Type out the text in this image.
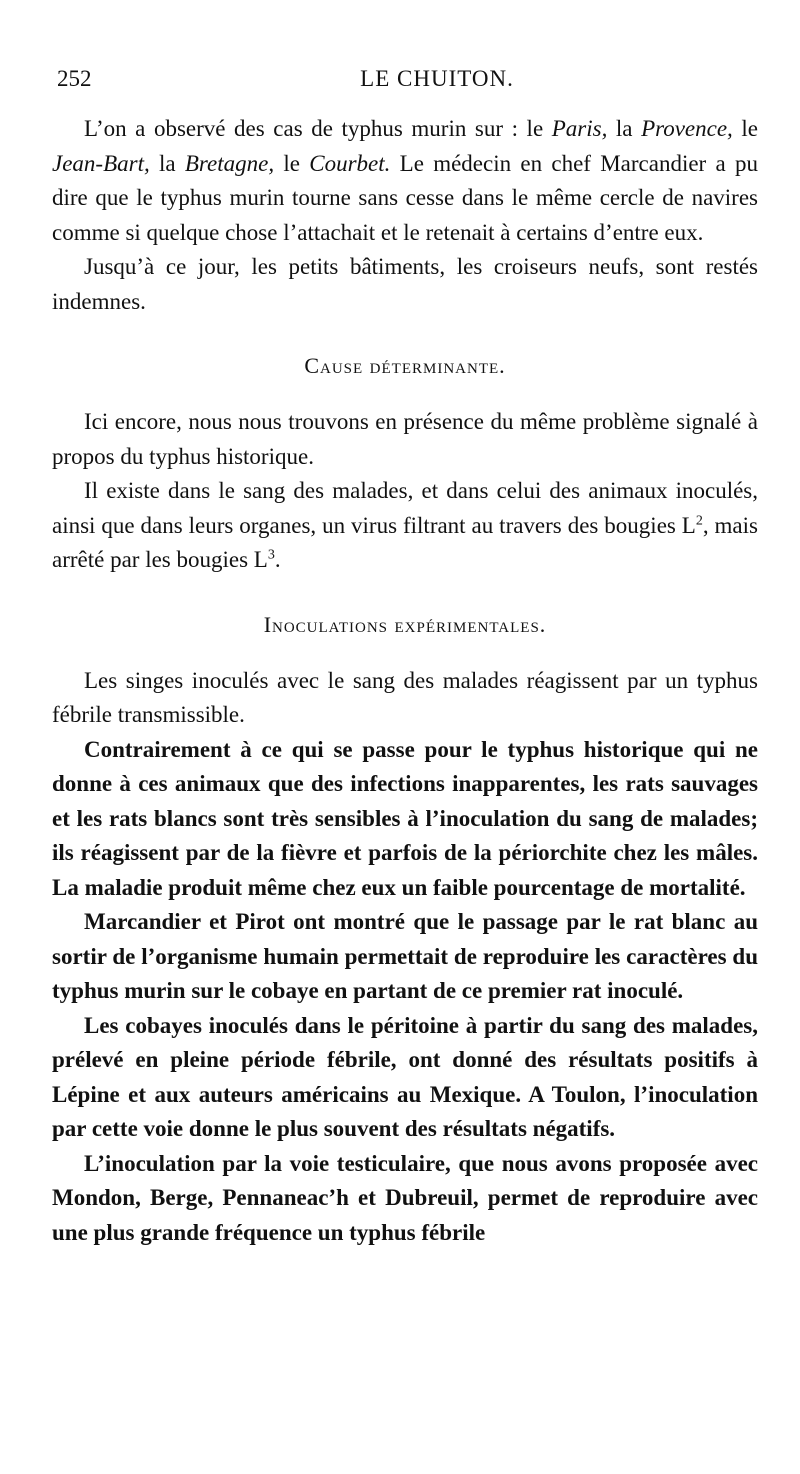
252	LE CHUITON.

L’on a observé des cas de typhus murin sur : le Paris, la Provence, le Jean-Bart, la Bretagne, le Courbet. Le médecin en chef Marcandier a pu dire que le typhus murin tourne sans cesse dans le même cercle de navires comme si quelque chose l’attachait et le retenait à certains d’entre eux.

Jusqu’à ce jour, les petits bâtiments, les croiseurs neufs, sont restés indemnes.

Cause déterminante.

Ici encore, nous nous trouvons en présence du même problème signalé à propos du typhus historique.

Il existe dans le sang des malades, et dans celui des animaux inoculés, ainsi que dans leurs organes, un virus filtrant au travers des bougies $L^2$, mais arrêté par les bougies $L^3$.

Inoculations expérimentales.

Les singes inoculés avec le sang des malades réagissent par un typhus fébrile transmissible.

Contrairement à ce qui se passe pour le typhus historique qui ne donne à ces animaux que des infections inapparentes, les rats sauvages et les rats blancs sont très sensibles à l’inoculation du sang de malades; ils réagissent par de la fièvre et parfois de la périorchite chez les mâles. La maladie produit même chez eux un faible pourcentage de mortalité.

Marcandier et Pirot ont montré que le passage par le rat blanc au sortir de l’organisme humain permettait de reproduire les caractères du typhus murin sur le cobaye en partant de ce premier rat inoculé.

Les cobayes inoculés dans le péritoine à partir du sang des malades, prélevé en pleine période fébrile, ont donné des résultats positifs à Lépine et aux auteurs américains au Mexique. A Toulon, l’inoculation par cette voie donne le plus souvent des résultats négatifs.

L’inoculation par la voie testiculaire, que nous avons proposée avec Mondon, Berge, Pennaneac’h et Dubreuil, permet de reproduire avec une plus grande fréquence un typhus fébrile
